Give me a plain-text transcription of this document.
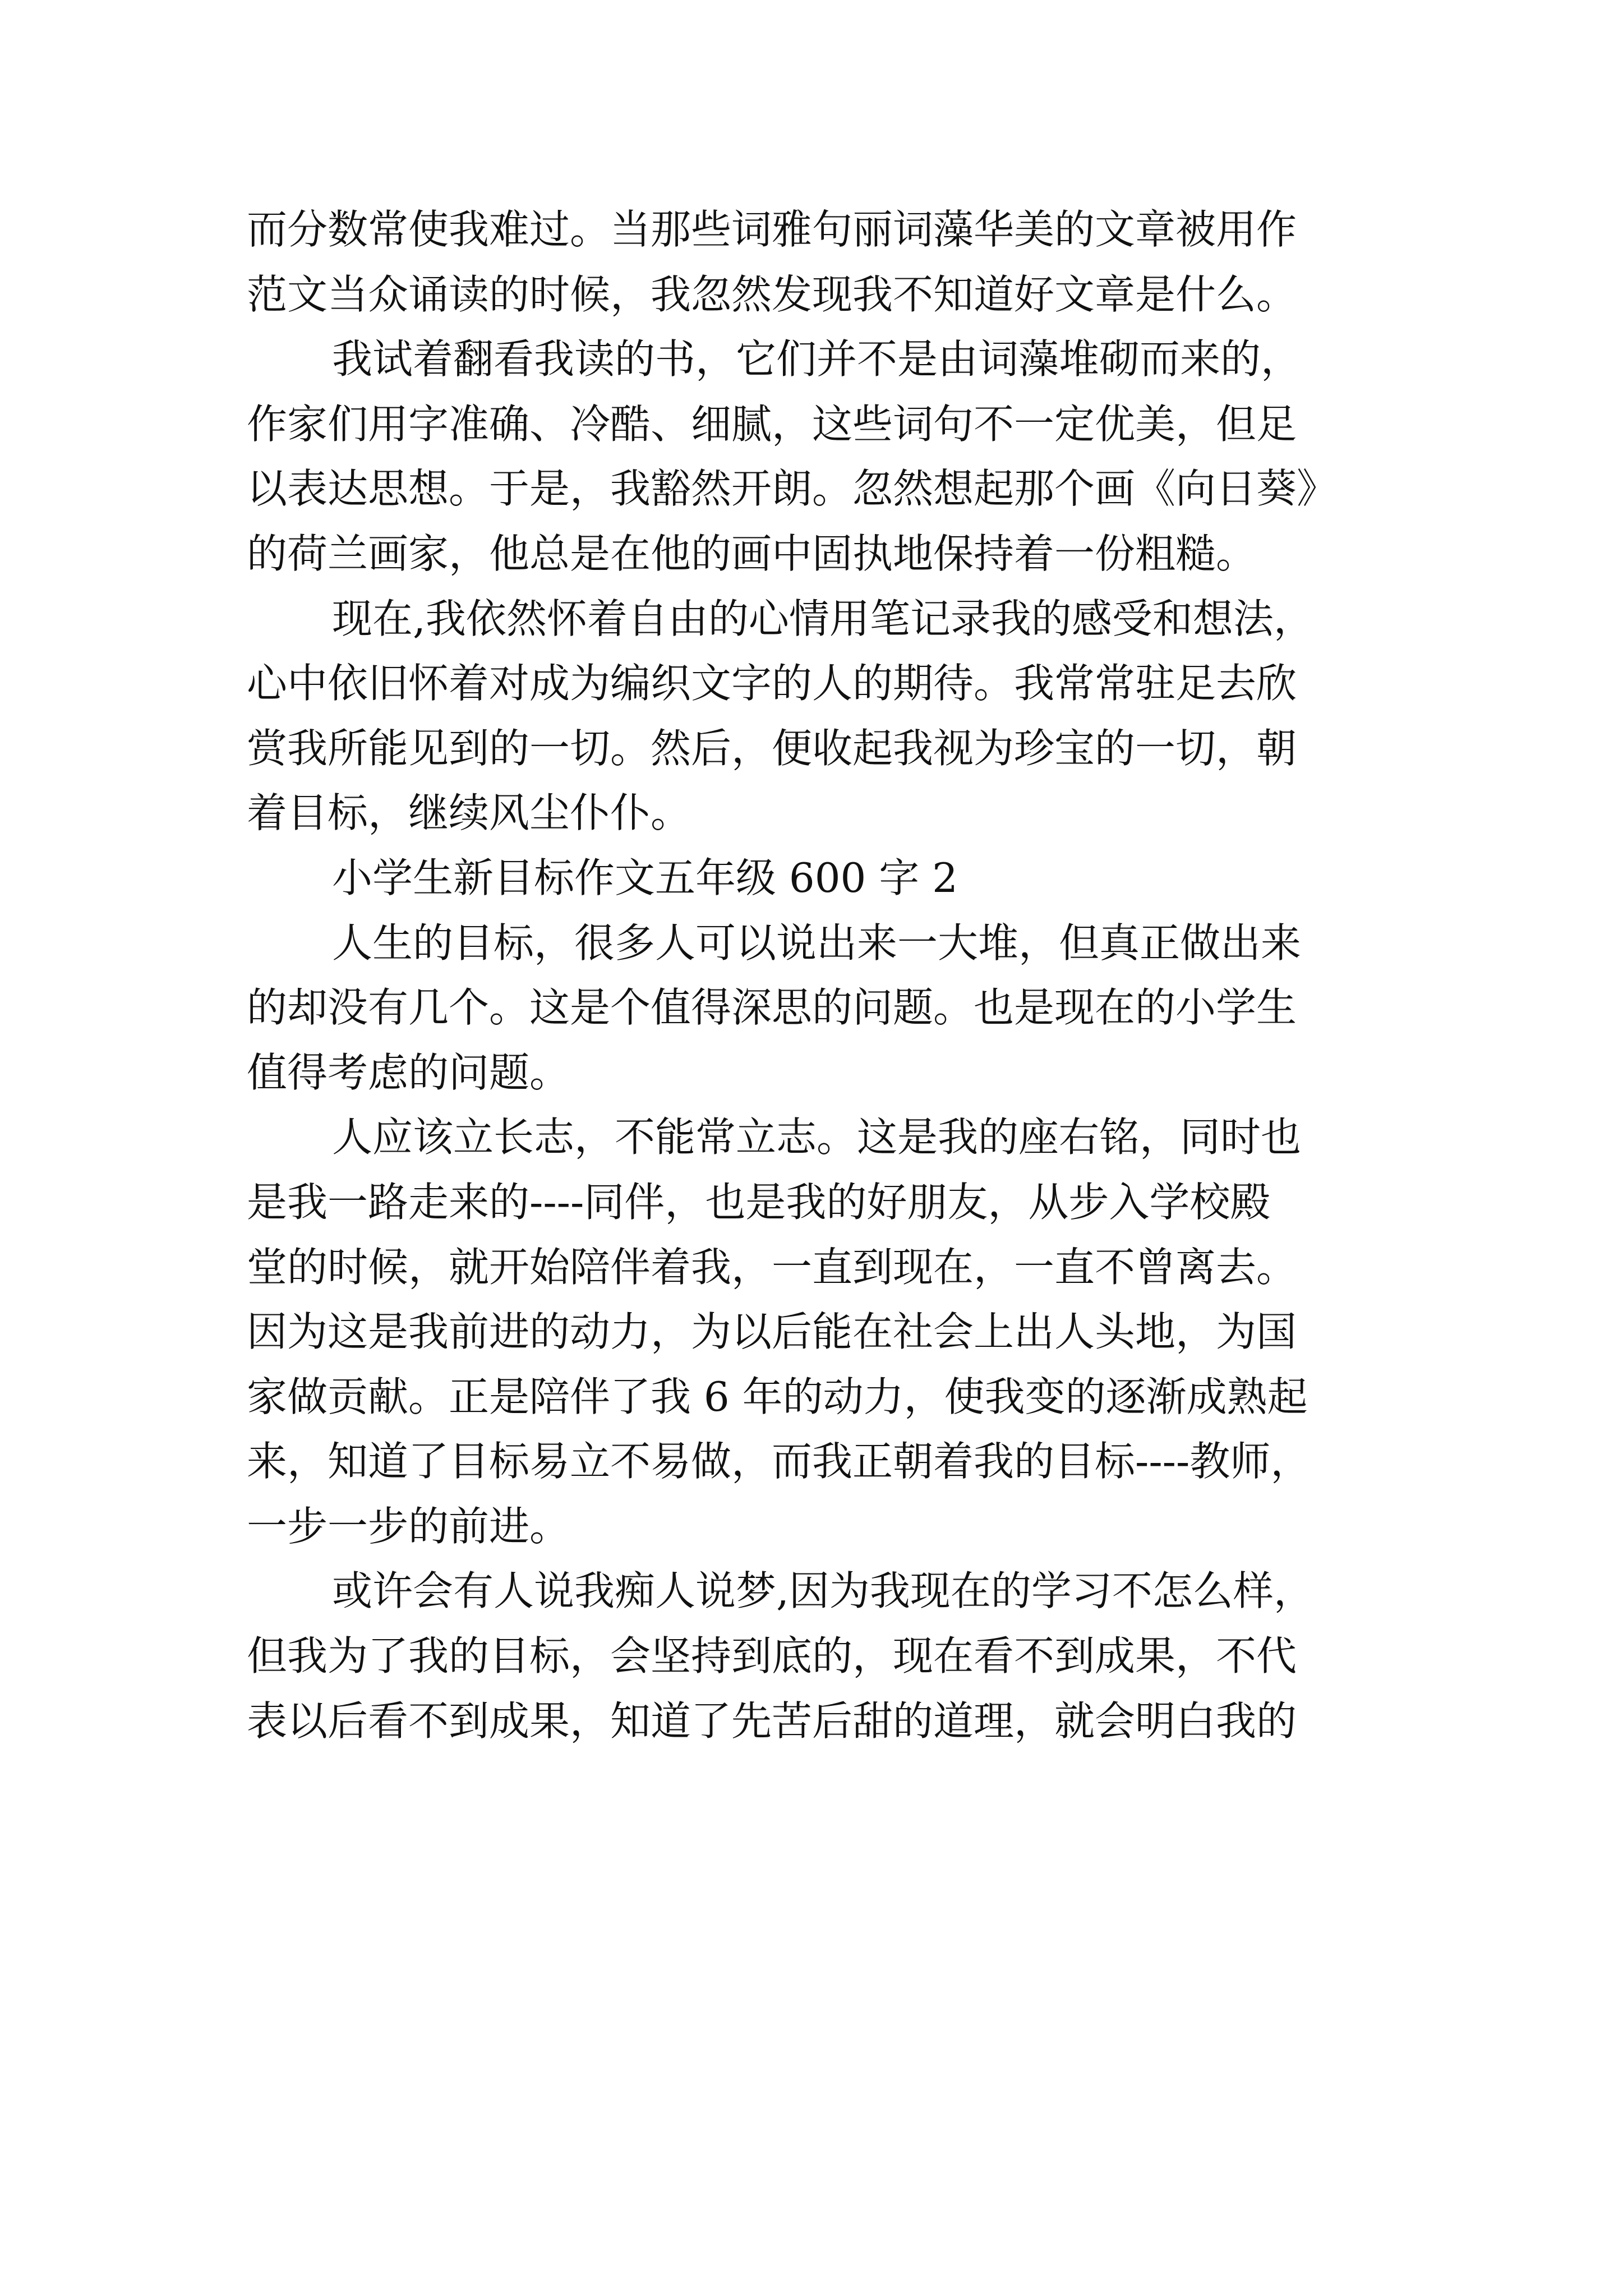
而分数常使我难过。当那些词雅句丽词藻华美的文章被用作
范文当众诵读的时候，我忽然发现我不知道好文章是什么。
我试着翻看我读的书，它们并不是由词藻堆砌而来的，
作家们用字准确、冷酷、细腻，这些词句不一定优美，但足
以表达思想。于是，我豁然开朗。忽然想起那个画《向日葵》
的荷兰画家，他总是在他的画中固执地保持着一份粗糙。
现在,我依然怀着自由的心情用笔记录我的感受和想法，
心中依旧怀着对成为编织文字的人的期待。我常常驻足去欣
赏我所能见到的一切。然后，便收起我视为珍宝的一切，朝
着目标，继续风尘仆仆。
小学生新目标作文五年级 600 字 2
人生的目标，很多人可以说出来一大堆，但真正做出来
的却没有几个。这是个值得深思的问题。也是现在的小学生
值得考虑的问题。
人应该立长志，不能常立志。这是我的座右铭，同时也
是我一路走来的----同伴，也是我的好朋友，从步入学校殿
堂的时候，就开始陪伴着我，一直到现在，一直不曾离去。
因为这是我前进的动力，为以后能在社会上出人头地，为国
家做贡献。正是陪伴了我 6 年的动力，使我变的逐渐成熟起
来，知道了目标易立不易做，而我正朝着我的目标----教师，
一步一步的前进。
或许会有人说我痴人说梦,因为我现在的学习不怎么样，
但我为了我的目标，会坚持到底的，现在看不到成果，不代
表以后看不到成果，知道了先苦后甜的道理，就会明白我的
